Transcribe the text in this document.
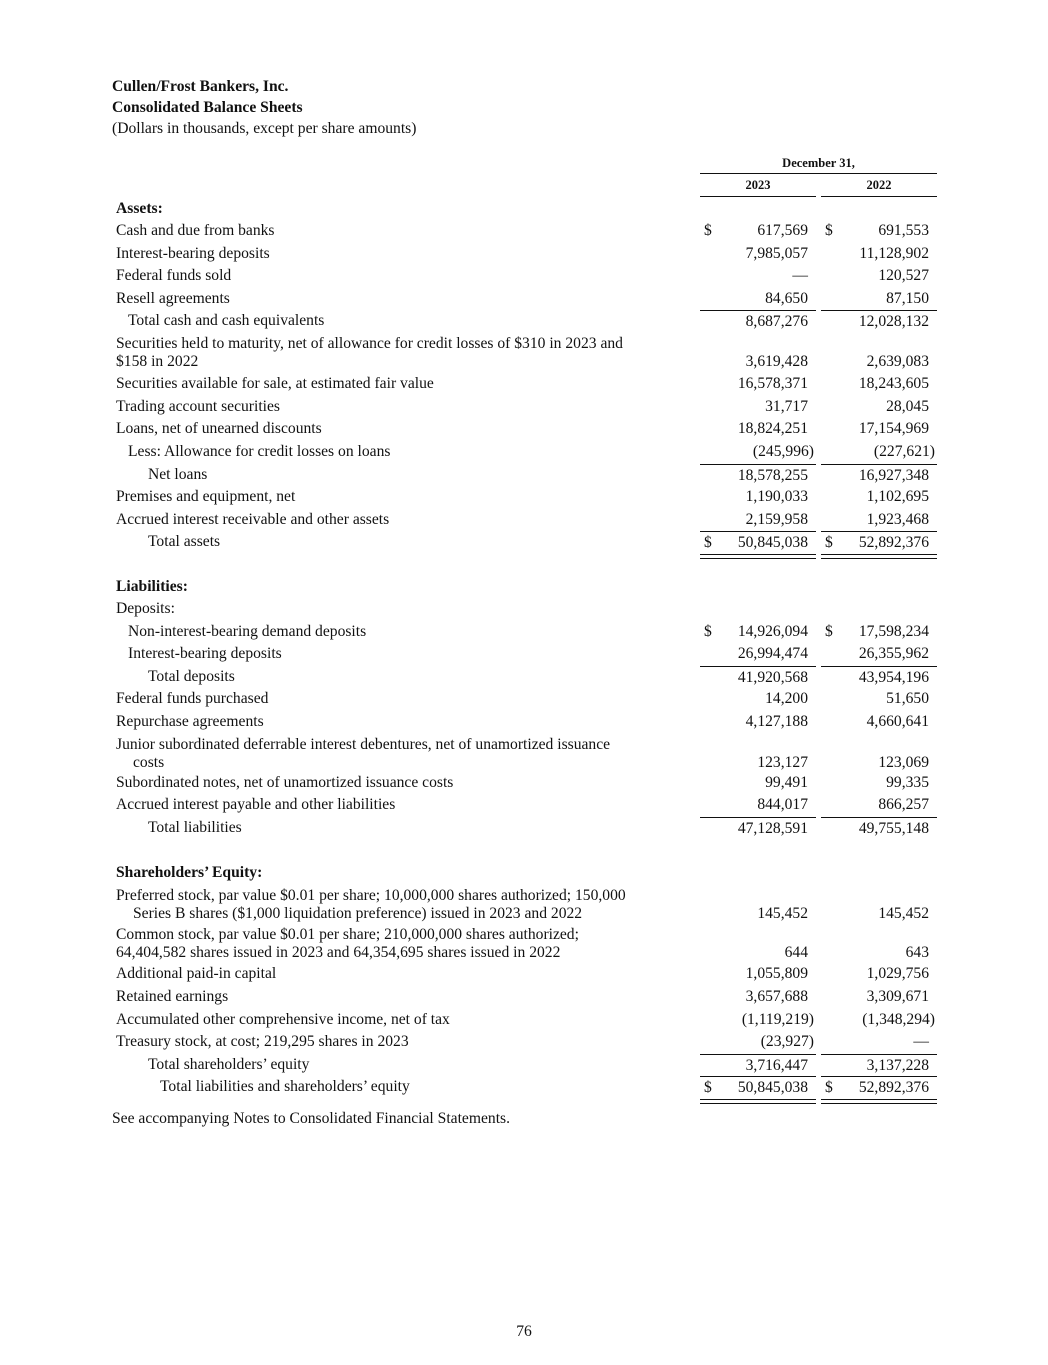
Cullen/Frost Bankers, Inc.
Consolidated Balance Sheets
(Dollars in thousands, except per share amounts)
December 31,
2023	2022
Assets:
Cash and due from banks	$	617,569 $	691,553
Interest-bearing deposits	7,985,057	11,128,902
Federal funds sold	—	120,527
Resell agreements	84,650	87,150
Total cash and cash equivalents	8,687,276	12,028,132
Securities held to maturity, net of allowance for credit losses of $310 in 2023 and
$158 in 2022	3,619,428	2,639,083
Securities available for sale, at estimated fair value	16,578,371	18,243,605
Trading account securities	31,717	28,045
Loans, net of unearned discounts	18,824,251	17,154,969
Less: Allowance for credit losses on loans	(245,996)	(227,621)
Net loans	18,578,255	16,927,348
Premises and equipment, net	1,190,033	1,102,695
Accrued interest receivable and other assets	2,159,958	1,923,468
Total assets	$ 50,845,038 $ 52,892,376
Liabilities:
Deposits:
Non-interest-bearing demand deposits	$ 14,926,094 $ 17,598,234
Interest-bearing deposits	26,994,474	26,355,962
Total deposits	41,920,568	43,954,196
Federal funds purchased	14,200	51,650
Repurchase agreements	4,127,188	4,660,641
Junior subordinated deferrable interest debentures, net of unamortized issuance
costs	123,127	123,069
Subordinated notes, net of unamortized issuance costs	99,491	99,335
Accrued interest payable and other liabilities	844,017	866,257
Total liabilities	47,128,591	49,755,148
Shareholders’ Equity:
Preferred stock, par value $0.01 per share; 10,000,000 shares authorized; 150,000
Series B shares ($1,000 liquidation preference) issued in 2023 and 2022	145,452	145,452
Common stock, par value $0.01 per share; 210,000,000 shares authorized;
64,404,582 shares issued in 2023 and 64,354,695 shares issued in 2022	644	643
Additional paid-in capital	1,055,809	1,029,756
Retained earnings	3,657,688	3,309,671
Accumulated other comprehensive income, net of tax	(1,119,219)	(1,348,294)
Treasury stock, at cost; 219,295 shares in 2023	(23,927)	—
Total shareholders’ equity	3,716,447	3,137,228
Total liabilities and shareholders’ equity	$ 50,845,038 $ 52,892,376
See accompanying Notes to Consolidated Financial Statements.
76
